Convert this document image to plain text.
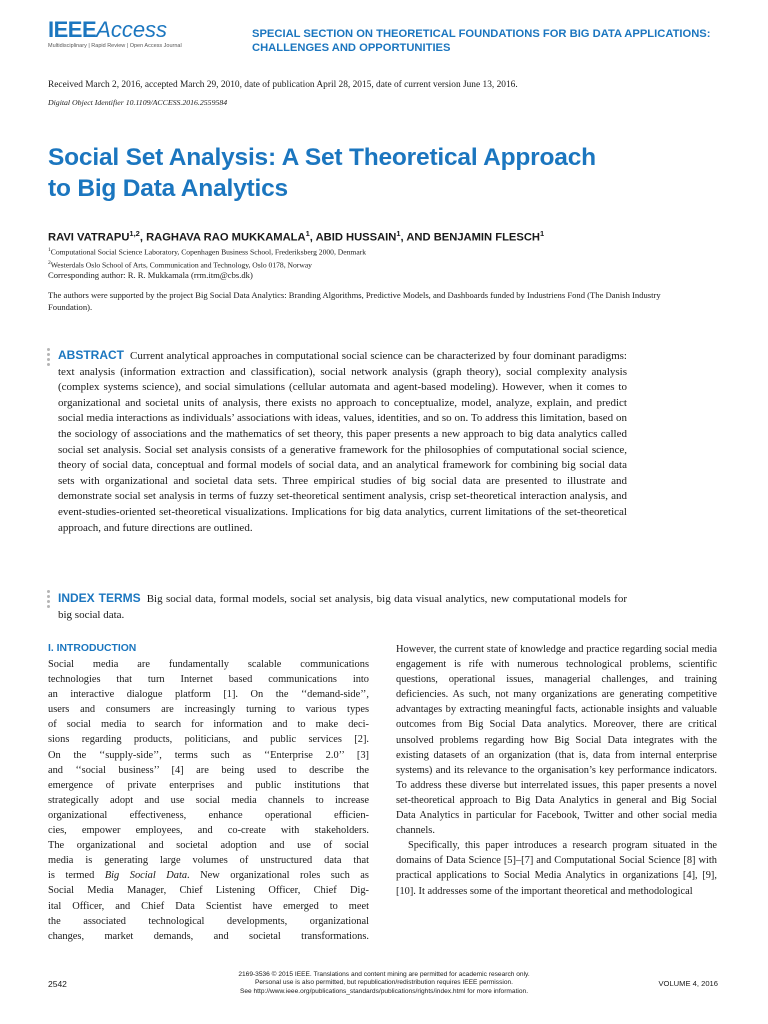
IEEEAccess
Multidisciplinary | Rapid Review | Open Access Journal
SPECIAL SECTION ON THEORETICAL FOUNDATIONS FOR BIG DATA APPLICATIONS:
CHALLENGES AND OPPORTUNITIES
Received March 2, 2016, accepted March 29, 2010, date of publication April 28, 2015, date of current version June 13, 2016.
Digital Object Identifier 10.1109/ACCESS.2016.2559584
Social Set Analysis: A Set Theoretical Approach
to Big Data Analytics
RAVI VATRAPU$^{1,2}$, RAGHAVA RAO MUKKAMALA$^1$, ABID HUSSAIN$^1$, AND BENJAMIN FLESCH$^1$
$^1$Computational Social Science Laboratory, Copenhagen Business School, Frederiksberg 2000, Denmark
$^2$Westerdals Oslo School of Arts, Communication and Technology, Oslo 0178, Norway
Corresponding author: R. R. Mukkamala (rrm.itm@cbs.dk)
The authors were supported by the project Big Social Data Analytics: Branding Algorithms, Predictive Models, and Dashboards funded by Industriens Fond (The Danish Industry Foundation).
ABSTRACT Current analytical approaches in computational social science can be characterized by four dominant paradigms: text analysis (information extraction and classification), social network analysis (graph theory), social complexity analysis (complex systems science), and social simulations (cellular automata and agent-based modeling). However, when it comes to organizational and societal units of analysis, there exists no approach to conceptualize, model, analyze, explain, and predict social media interactions as individuals’ associations with ideas, values, identities, and so on. To address this limitation, based on the sociology of associations and the mathematics of set theory, this paper presents a new approach to big data analytics called social set analysis. Social set analysis consists of a generative framework for the philosophies of computational social science, theory of social data, conceptual and formal models of social data, and an analytical framework for combining big social data sets with organizational and societal data sets. Three empirical studies of big social data are presented to illustrate and demonstrate social set analysis in terms of fuzzy set-theoretical sentiment analysis, crisp set-theoretical interaction analysis, and event-studies-oriented set-theoretical visualizations. Implications for big data analytics, current limitations of the set-theoretical approach, and future directions are outlined.
INDEX TERMS Big social data, formal models, social set analysis, big data visual analytics, new computational models for big social data.
I. INTRODUCTION
Social media are fundamentally scalable communications
technologies that turn Internet based communications into
an interactive dialogue platform [1]. On the ‘‘demand-side’’,
users and consumers are increasingly turning to various types
of social media to search for information and to make deci-
sions regarding products, politicians, and public services [2].
On the ‘‘supply-side’’, terms such as ‘‘Enterprise 2.0’’ [3]
and ‘‘social business’’ [4] are being used to describe the
emergence of private enterprises and public institutions that
strategically adopt and use social media channels to increase
organizational effectiveness, enhance operational efficien-
cies, empower employees, and co-create with stakeholders.
The organizational and societal adoption and use of social
media is generating large volumes of unstructured data that
is termed Big Social Data. New organizational roles such as
Social Media Manager, Chief Listening Officer, Chief Dig-
ital Officer, and Chief Data Scientist have emerged to meet
the associated technological developments, organizational
changes, market demands, and societal transformations.

However, the current state of knowledge and practice regarding social media engagement is rife with numerous technological problems, scientific questions, operational issues, managerial challenges, and training deficiencies. As such, not many organizations are generating competitive advantages by extracting meaningful facts, actionable insights and valuable outcomes from Big Social Data analytics. Moreover, there are critical unsolved problems regarding how Big Social Data integrates with the existing datasets of an organization (that is, data from internal enterprise systems) and its relevance to the organisation’s key performance indicators. To address these diverse but interrelated issues, this paper presents a novel set-theoretical approach to Big Data Analytics in general and Big Social Data Analytics in particular for Facebook, Twitter and other social media channels.

Specifically, this paper introduces a research program situated in the domains of Data Science [5]–[7] and Computational Social Science [8] with practical applications to Social Media Analytics in organizations [4], [9], [10]. It addresses some of the important theoretical and methodological

2542
2169-3536 © 2015 IEEE. Translations and content mining are permitted for academic research only.
Personal use is also permitted, but republication/redistribution requires IEEE permission.
See http://www.ieee.org/publications_standards/publications/rights/index.html for more information.
VOLUME 4, 2016
